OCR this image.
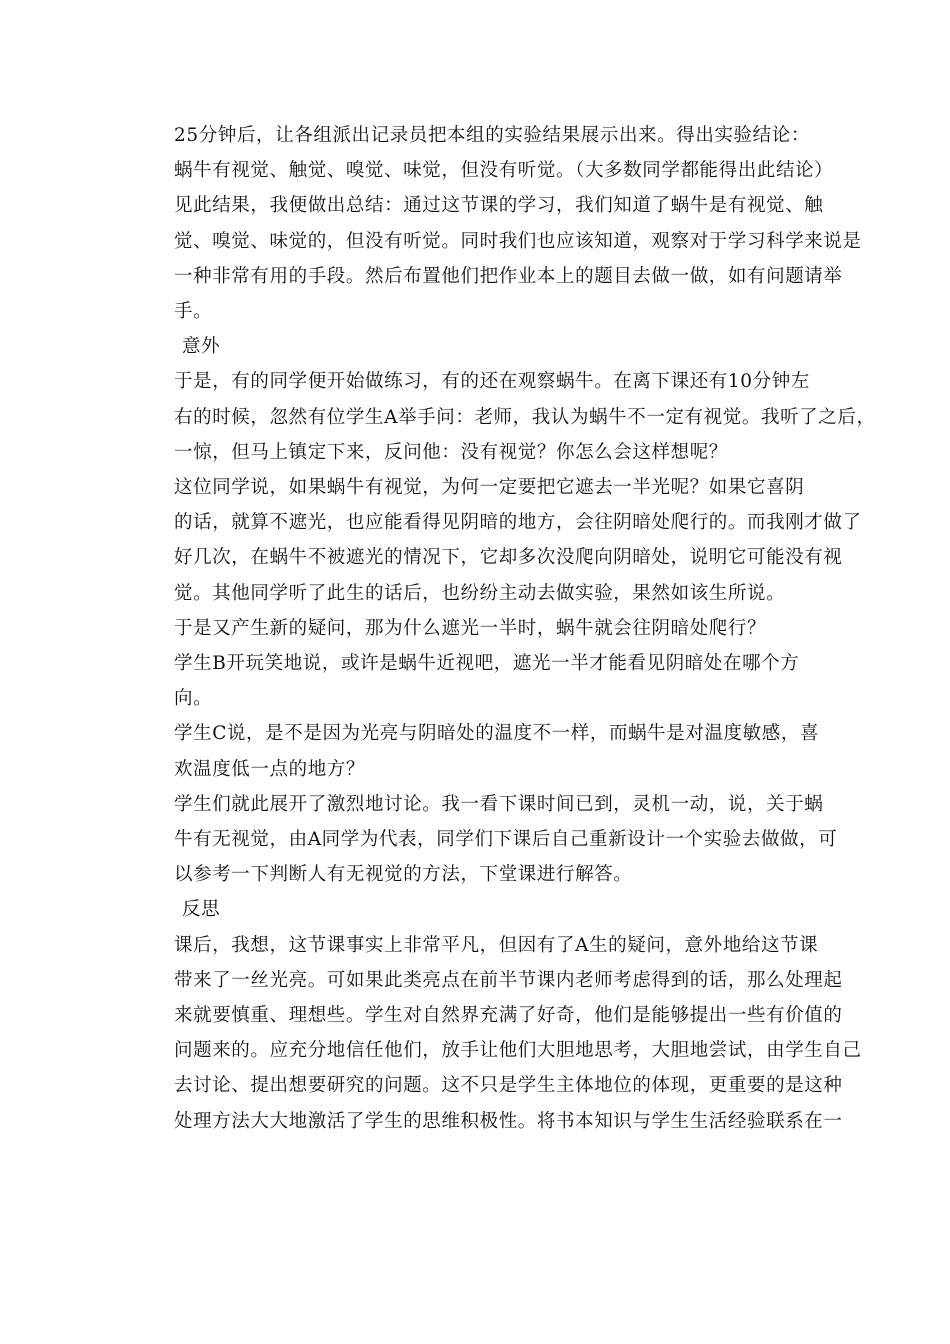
25分钟后，让各组派出记录员把本组的实验结果展示出来。得出实验结论：
蜗牛有视觉、触觉、嗅觉、味觉，但没有听觉。（大多数同学都能得出此结论）

见此结果，我便做出总结：通过这节课的学习，我们知道了蜗牛是有视觉、触
觉、嗅觉、味觉的，但没有听觉。同时我们也应该知道，观察对于学习科学来说是
一种非常有用的手段。然后布置他们把作业本上的题目去做一做，如有问题请举
手。

意外

于是，有的同学便开始做练习，有的还在观察蜗牛。在离下课还有10分钟左
右的时候，忽然有位学生A举手问：老师，我认为蜗牛不一定有视觉。我听了之后，
一惊，但马上镇定下来，反问他：没有视觉？你怎么会这样想呢？

这位同学说，如果蜗牛有视觉，为何一定要把它遮去一半光呢？如果它喜阴
的话，就算不遮光，也应能看得见阴暗的地方，会往阴暗处爬行的。而我刚才做了
好几次，在蜗牛不被遮光的情况下，它却多次没爬向阴暗处，说明它可能没有视
觉。其他同学听了此生的话后，也纷纷主动去做实验，果然如该生所说。

于是又产生新的疑问，那为什么遮光一半时，蜗牛就会往阴暗处爬行？

学生B开玩笑地说，或许是蜗牛近视吧，遮光一半才能看见阴暗处在哪个方
向。

学生C说，是不是因为光亮与阴暗处的温度不一样，而蜗牛是对温度敏感，喜
欢温度低一点的地方？

学生们就此展开了激烈地讨论。我一看下课时间已到，灵机一动，说，关于蜗
牛有无视觉，由A同学为代表，同学们下课后自己重新设计一个实验去做做，可
以参考一下判断人有无视觉的方法，下堂课进行解答。

反思

课后，我想，这节课事实上非常平凡，但因有了A生的疑问，意外地给这节课
带来了一丝光亮。可如果此类亮点在前半节课内老师考虑得到的话，那么处理起
来就要慎重、理想些。学生对自然界充满了好奇，他们是能够提出一些有价值的
问题来的。应充分地信任他们，放手让他们大胆地思考，大胆地尝试，由学生自己
去讨论、提出想要研究的问题。这不只是学生主体地位的体现，更重要的是这种
处理方法大大地激活了学生的思维积极性。将书本知识与学生生活经验联系在一
